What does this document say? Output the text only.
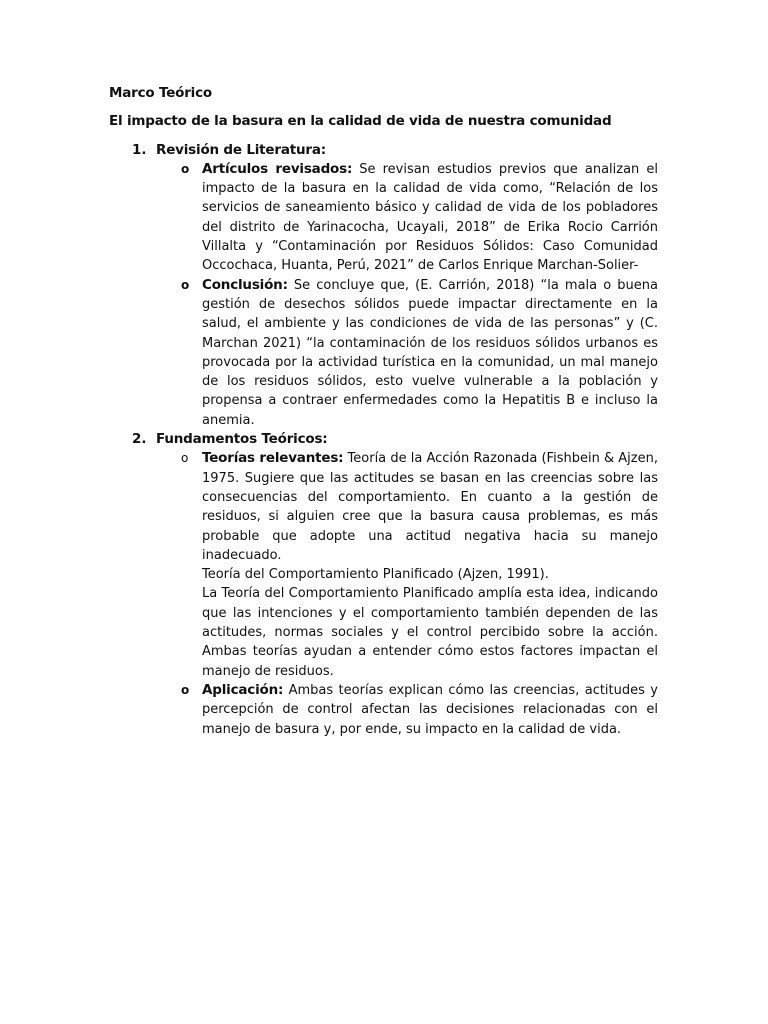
Marco Teórico

El impacto de la basura en la calidad de vida de nuestra comunidad

1. Revisión de Literatura:
o Artículos revisados: Se revisan estudios previos que analizan el impacto de la basura en la calidad de vida como, “Relación de los servicios de saneamiento básico y calidad de vida de los pobladores del distrito de Yarinacocha, Ucayali, 2018” de Erika Rocio Carrión Villalta y “Contaminación por Residuos Sólidos: Caso Comunidad Occochaca, Huanta, Perú, 2021” de Carlos Enrique Marchan-Solier-
o Conclusión: Se concluye que, (E. Carrión, 2018) “la mala o buena gestión de desechos sólidos puede impactar directamente en la salud, el ambiente y las condiciones de vida de las personas” y (C. Marchan 2021) “la contaminación de los residuos sólidos urbanos es provocada por la actividad turística en la comunidad, un mal manejo de los residuos sólidos, esto vuelve vulnerable a la población y propensa a contraer enfermedades como la Hepatitis B e incluso la anemia.
2. Fundamentos Teóricos:
o Teorías relevantes: Teoría de la Acción Razonada (Fishbein & Ajzen, 1975. Sugiere que las actitudes se basan en las creencias sobre las consecuencias del comportamiento. En cuanto a la gestión de residuos, si alguien cree que la basura causa problemas, es más probable que adopte una actitud negativa hacia su manejo inadecuado.
Teoría del Comportamiento Planificado (Ajzen, 1991).
La Teoría del Comportamiento Planificado amplía esta idea, indicando que las intenciones y el comportamiento también dependen de las actitudes, normas sociales y el control percibido sobre la acción. Ambas teorías ayudan a entender cómo estos factores impactan el manejo de residuos.
o Aplicación: Ambas teorías explican cómo las creencias, actitudes y percepción de control afectan las decisiones relacionadas con el manejo de basura y, por ende, su impacto en la calidad de vida.
